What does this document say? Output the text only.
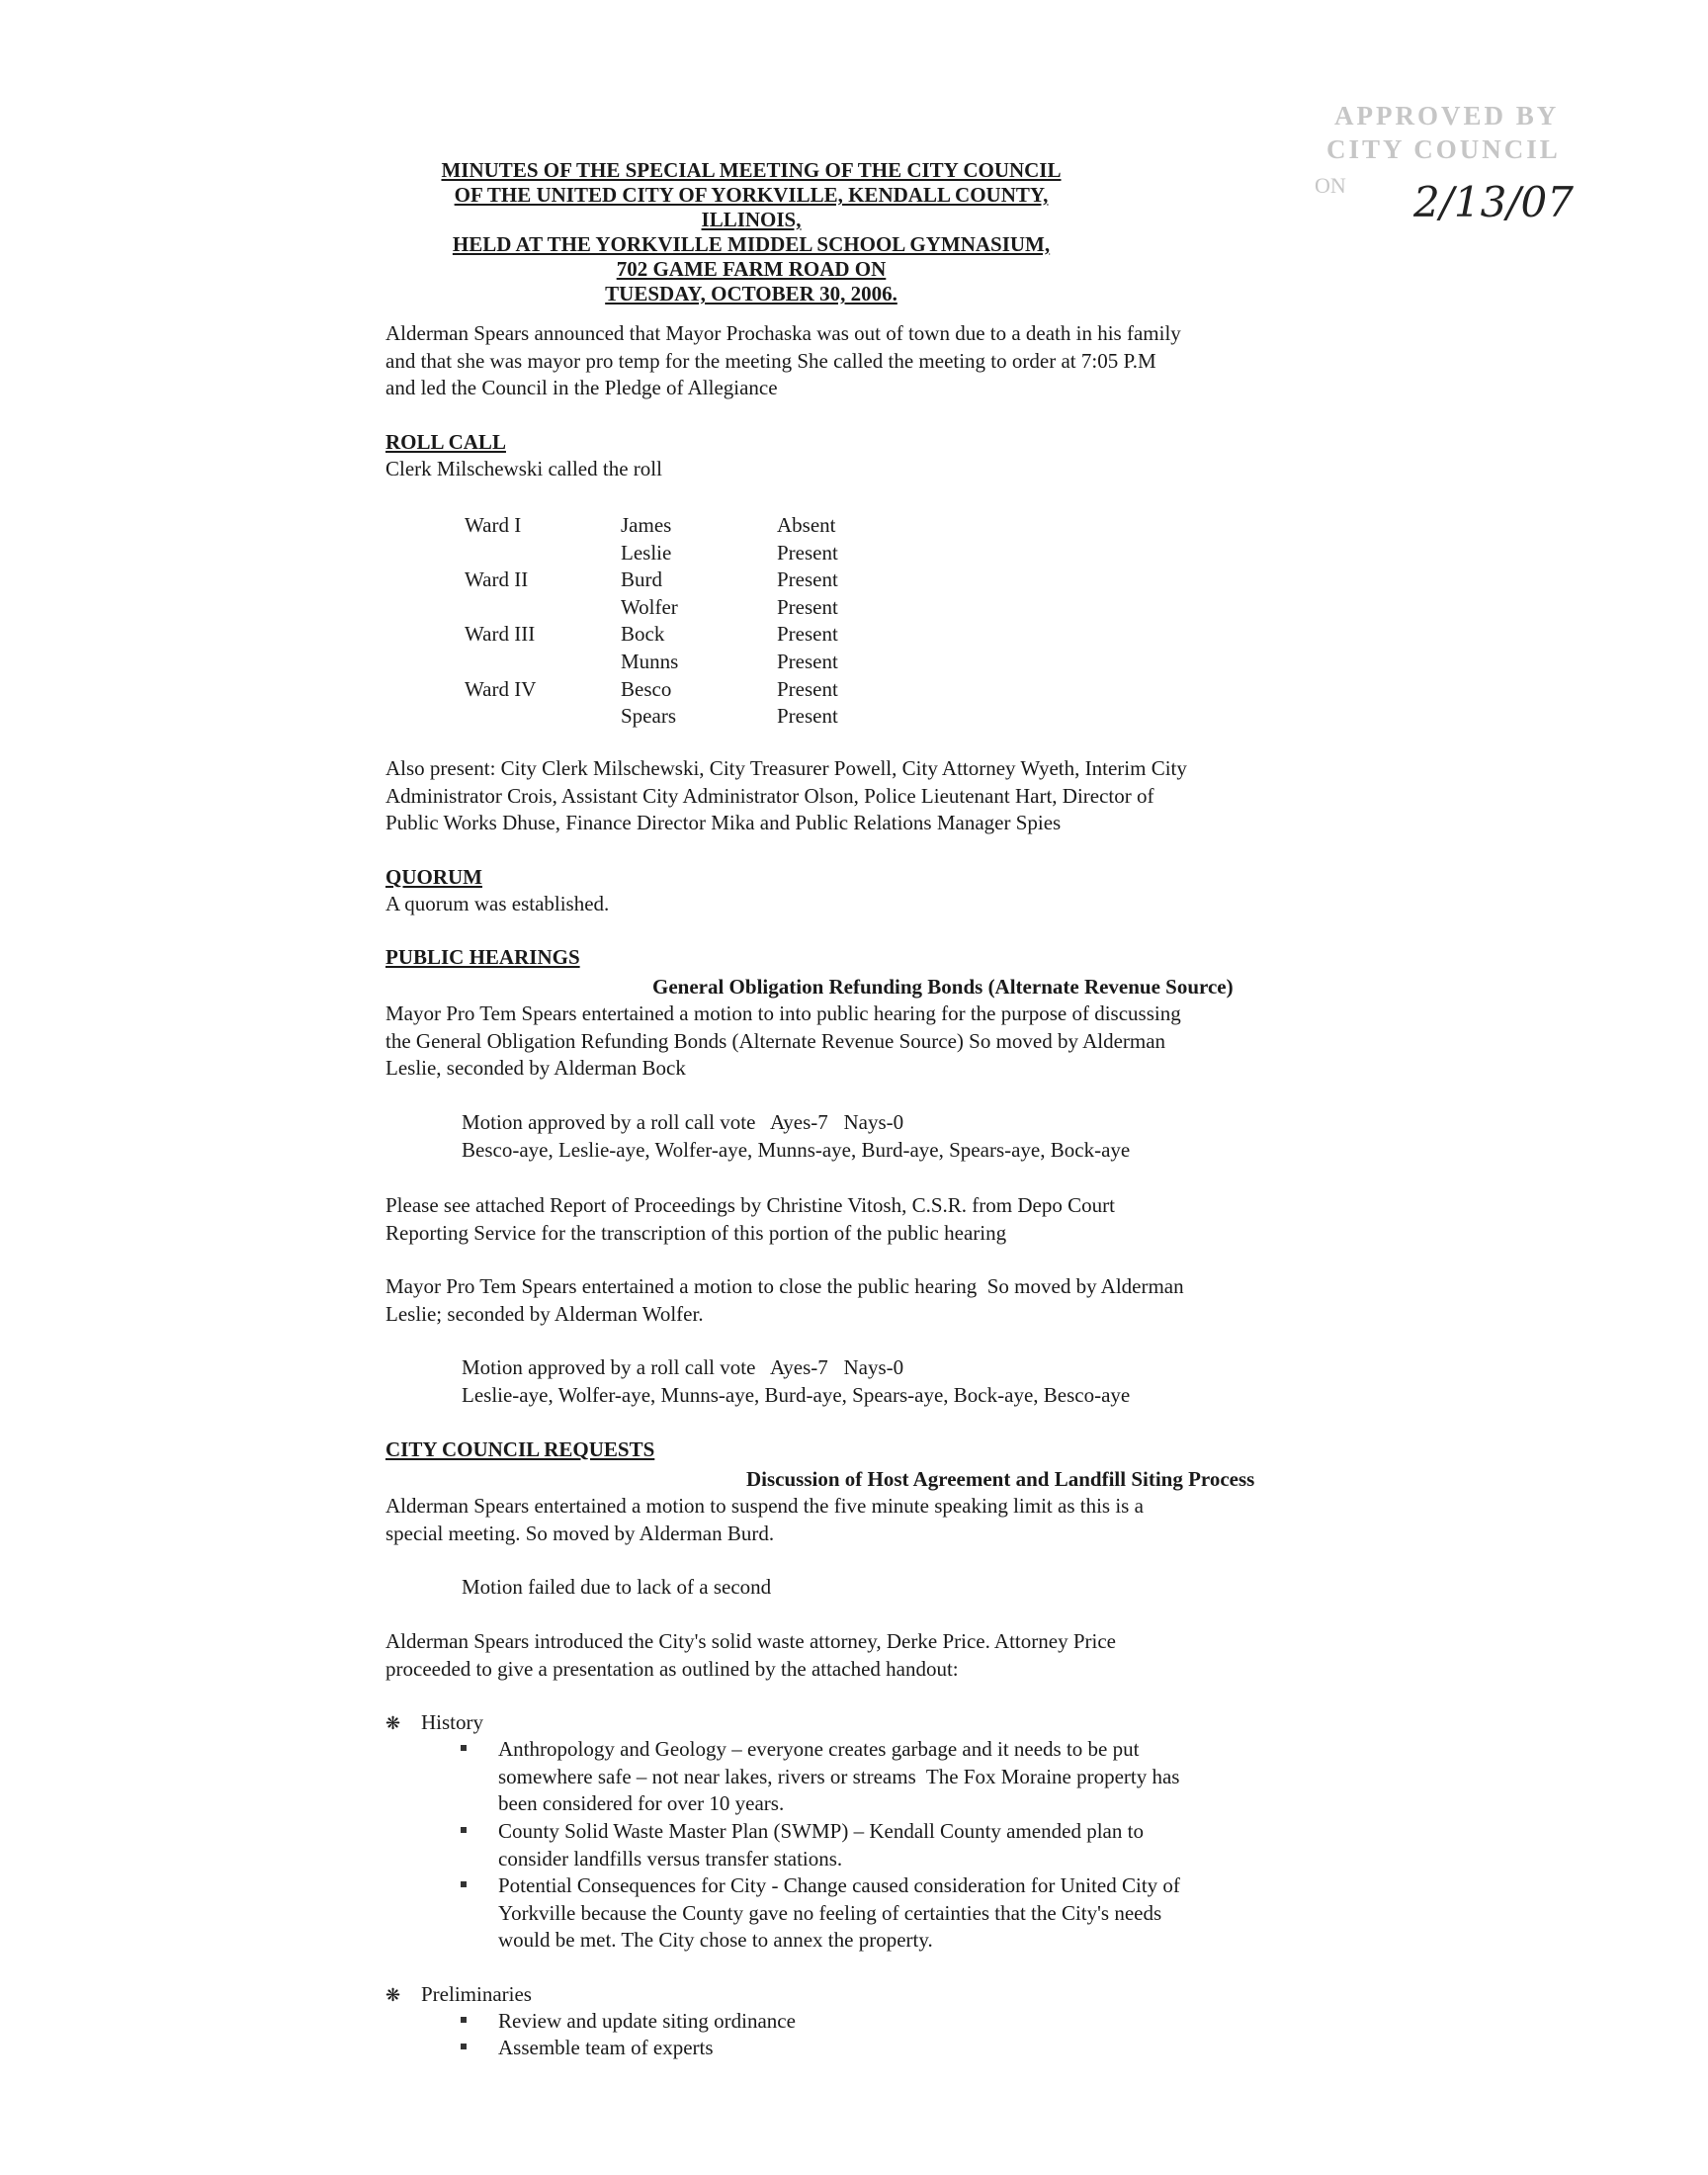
APPROVED BY
CITY COUNCIL
ON	2/13/07
MINUTES OF THE SPECIAL MEETING OF THE CITY COUNCIL
OF THE UNITED CITY OF YORKVILLE, KENDALL COUNTY, ILLINOIS,
HELD AT THE YORKVILLE MIDDEL SCHOOL GYMNASIUM,
702 GAME FARM ROAD ON
TUESDAY, OCTOBER 30, 2006.
Alderman Spears announced that Mayor Prochaska was out of town due to a death in his family
and that she was mayor pro temp for the meeting She called the meeting to order at 7:05 P.M
and led the Council in the Pledge of Allegiance
ROLL CALL
Clerk Milschewski called the roll
Ward I	James	Absent
	Leslie	Present
Ward II	Burd	Present
	Wolfer	Present
Ward III	Bock	Present
	Munns	Present
Ward IV	Besco	Present
	Spears	Present
Also present: City Clerk Milschewski, City Treasurer Powell, City Attorney Wyeth, Interim City
Administrator Crois, Assistant City Administrator Olson, Police Lieutenant Hart, Director of
Public Works Dhuse, Finance Director Mika and Public Relations Manager Spies
QUORUM
A quorum was established.
PUBLIC HEARINGS
General Obligation Refunding Bonds (Alternate Revenue Source)
Mayor Pro Tem Spears entertained a motion to into public hearing for the purpose of discussing
the General Obligation Refunding Bonds (Alternate Revenue Source) So moved by Alderman
Leslie, seconded by Alderman Bock
Motion approved by a roll call vote   Ayes-7   Nays-0
Besco-aye, Leslie-aye, Wolfer-aye, Munns-aye, Burd-aye, Spears-aye, Bock-aye
Please see attached Report of Proceedings by Christine Vitosh, C.S.R. from Depo Court
Reporting Service for the transcription of this portion of the public hearing
Mayor Pro Tem Spears entertained a motion to close the public hearing  So moved by Alderman
Leslie; seconded by Alderman Wolfer.
Motion approved by a roll call vote   Ayes-7   Nays-0
Leslie-aye, Wolfer-aye, Munns-aye, Burd-aye, Spears-aye, Bock-aye, Besco-aye
CITY COUNCIL REQUESTS
Discussion of Host Agreement and Landfill Siting Process
Alderman Spears entertained a motion to suspend the five minute speaking limit as this is a
special meeting. So moved by Alderman Burd.
Motion failed due to lack of a second
Alderman Spears introduced the City's solid waste attorney, Derke Price. Attorney Price
proceeded to give a presentation as outlined by the attached handout:
❋ History
Anthropology and Geology – everyone creates garbage and it needs to be put
somewhere safe – not near lakes, rivers or streams  The Fox Moraine property has
been considered for over 10 years.
County Solid Waste Master Plan (SWMP) – Kendall County amended plan to
consider landfills versus transfer stations.
Potential Consequences for City - Change caused consideration for United City of
Yorkville because the County gave no feeling of certainties that the City's needs
would be met. The City chose to annex the property.
❋ Preliminaries
Review and update siting ordinance
Assemble team of experts
